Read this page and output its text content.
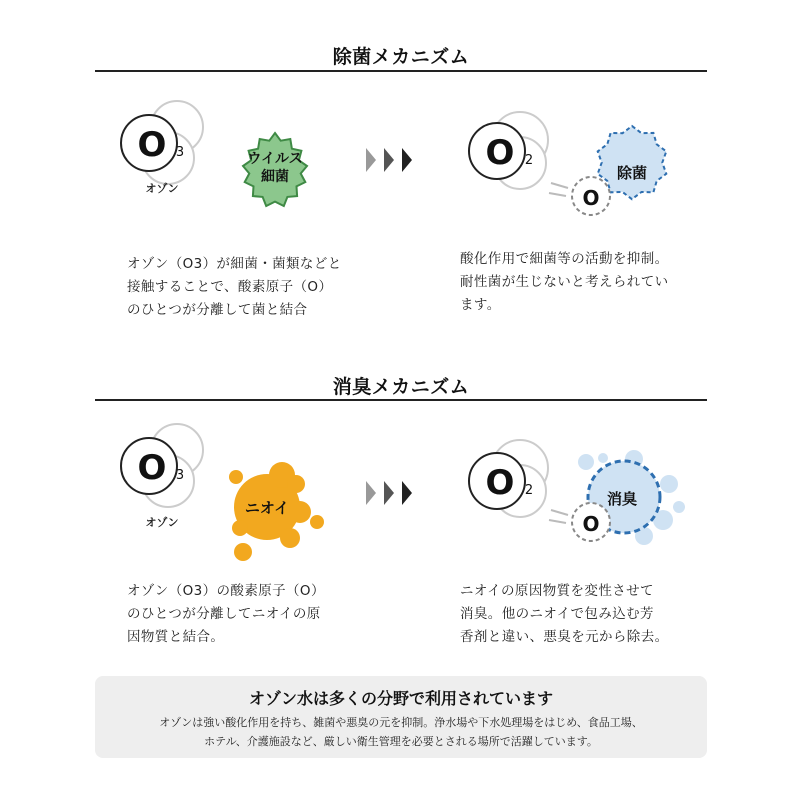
除菌メカニズム
O 3
オゾン
ウイルス
細菌	除菌
O 2
O
オゾン（O3）が細菌・菌類などと
接触することで、酸素原子（O）
のひとつが分離して菌と結合
酸化作用で細菌等の活動を抑制。
耐性菌が生じないと考えられてい
ます。
消臭メカニズム
O 3
オゾン
ニオイ	消臭
O 2
O
オゾン（O3）の酸素原子（O）
のひとつが分離してニオイの原
因物質と結合。
ニオイの原因物質を変性させて
消臭。他のニオイで包み込む芳
香剤と違い、悪臭を元から除去。
オゾン水は多くの分野で利用されています
オゾンは強い酸化作用を持ち、雑菌や悪臭の元を抑制。浄水場や下水処理場をはじめ、食品工場、
ホテル、介護施設など、厳しい衛生管理を必要とされる場所で活躍しています。
